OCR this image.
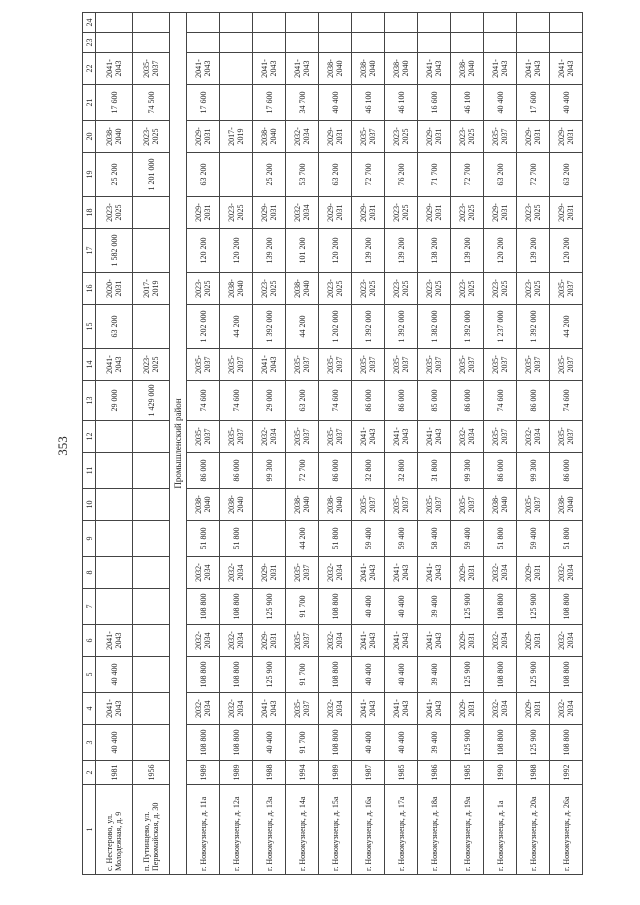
353
1	2	3	4	5	6	7	8	9	10	11	12	13	14	15	16	17	18	19	20	21	22	23	24
с. Нестерово, ул. Молодежная, д. 9	1981	40 400	2041-2043	40 400	2041-2043							29 000	2041-2043	63 200	2020-2031	1 582 000	2023-2025	25 200	2038-2040	17 600	2041-2043		
п. Путинцево, ул. Первомайская, д. 30	1956											1 429 000	2023-2025		2017-2019			1 201 000	2023-2025	74 500	2035-2037		
Промышленский район																							
г. Новокузнецк, д. 11а	1989	108 800	2032-2034	108 800	2032-2034	108 800	2032-2034	51 800	2038-2040	86 000	2035-2037	74 600	2035-2037	1 202 000	2023-2025	120 200	2029-2031	63 200	2029-2031	17 600	2041-2043		
г. Новокузнецк, д. 12а	1989	108 800	2032-2034	108 800	2032-2034	108 800	2032-2034	51 800	2038-2040	86 000	2035-2037	74 600	2035-2037	44 200	2038-2040	120 200	2023-2025		2017-2019				
г. Новокузнецк, д. 13а	1988	40 400	2041-2043	125 900	2029-2031	125 900	2029-2031			99 300	2032-2034	29 000	2041-2043	1 392 000	2023-2025	139 200	2029-2031	25 200	2038-2040	17 600	2041-2043		
г. Новокузнецк, д. 14а	1994	91 700	2035-2037	91 700	2035-2037	91 700	2035-2037	44 200	2038-2040	72 700	2035-2037	63 200	2035-2037	44 200	2038-2040	101 200	2032-2034	53 700	2032-2034	34 700	2041-2043		
г. Новокузнецк, д. 15а	1989	108 800	2032-2034	108 800	2032-2034	108 800	2032-2034	51 800	2038-2040	86 000	2035-2037	74 600	2035-2037	1 202 000	2023-2025	120 200	2029-2031	63 200	2029-2031	40 400	2038-2040		
г. Новокузнецк, д. 16а	1987	40 400	2041-2043	40 400	2041-2043	40 400	2041-2043	59 400	2035-2037	32 800	2041-2043	86 000	2035-2037	1 392 000	2023-2025	139 200	2029-2031	72 700	2035-2037	46 100	2038-2040		
г. Новокузнецк, д. 17а	1985	40 400	2041-2043	40 400	2041-2043	40 400	2041-2043	59 400	2035-2037	32 800	2041-2043	86 000	2035-2037	1 392 000	2023-2025	139 200	2023-2025	76 200	2023-2025	46 100	2038-2040		
г. Новокузнецк, д. 18а	1986	39 400	2041-2043	39 400	2041-2043	39 400	2041-2043	58 400	2035-2037	31 800	2041-2043	85 000	2035-2037	1 382 000	2023-2025	138 200	2029-2031	71 700	2029-2031	16 600	2041-2043		
г. Новокузнецк, д. 19а	1985	125 900	2029-2031	125 900	2029-2031	125 900	2029-2031	59 400	2035-2037	99 300	2032-2034	86 000	2035-2037	1 392 000	2023-2025	139 200	2023-2025	72 700	2023-2025	46 100	2038-2040		
г. Новокузнецк, д. 1а	1990	108 800	2032-2034	108 800	2032-2034	108 800	2032-2034	51 800	2038-2040	86 000	2035-2037	74 600	2035-2037	1 237 000	2023-2025	120 200	2029-2031	63 200	2035-2037	40 400	2041-2043		
г. Новокузнецк, д. 20а	1988	125 900	2029-2031	125 900	2029-2031	125 900	2029-2031	59 400	2035-2037	99 300	2032-2034	86 000	2035-2037	1 392 000	2023-2025	139 200	2023-2025	72 700	2029-2031	17 600	2041-2043		
г. Новокузнецк, д. 26а	1992	108 800	2032-2034	108 800	2032-2034	108 800	2032-2034	51 800	2038-2040	86 000	2035-2037	74 600	2035-2037	44 200	2035-2037	120 200	2029-2031	63 200	2029-2031	40 400	2041-2043		
